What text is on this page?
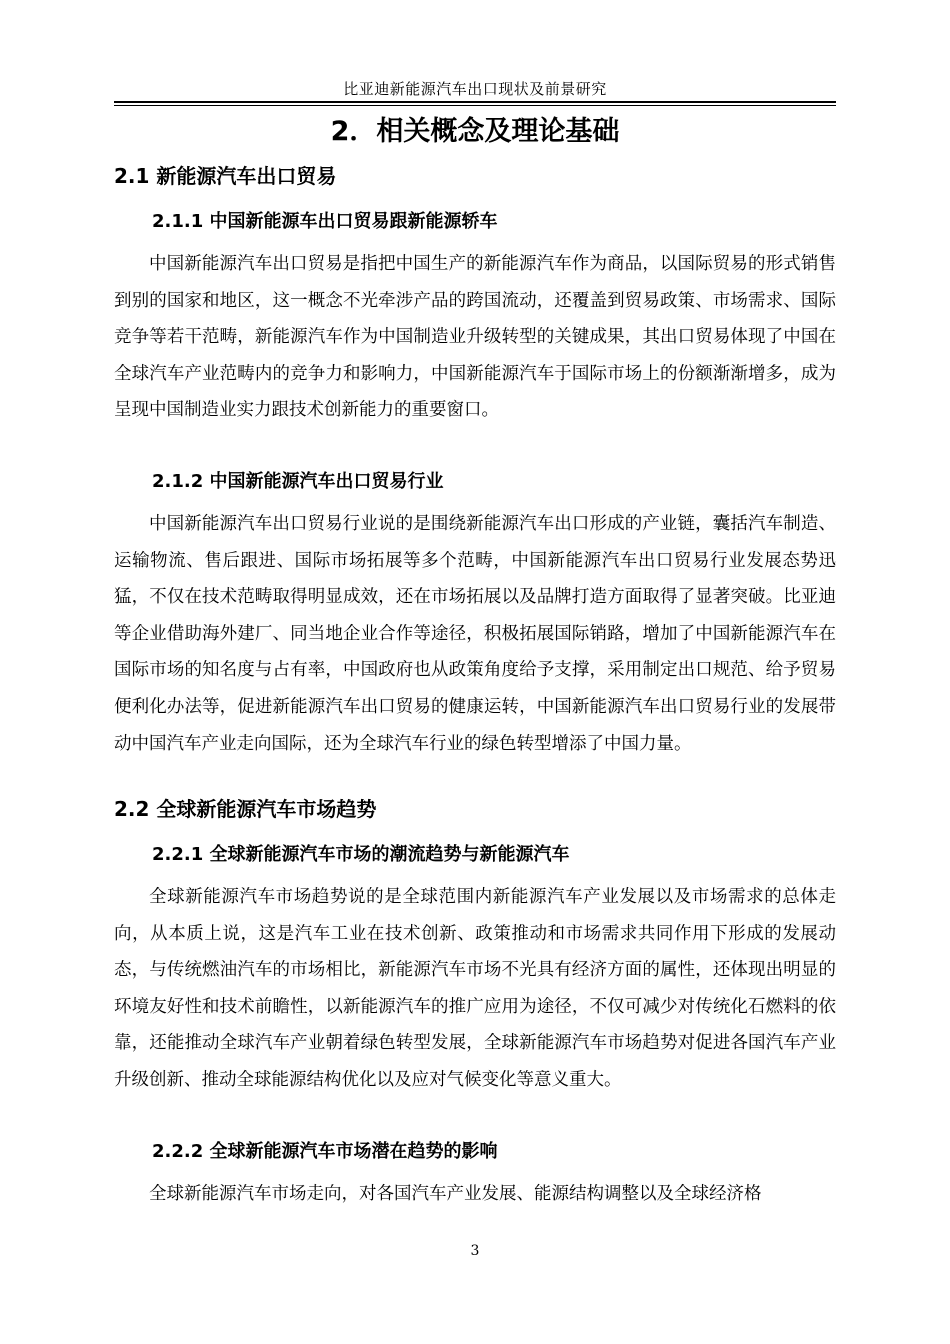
比亚迪新能源汽车出口现状及前景研究
2．相关概念及理论基础
2.1 新能源汽车出口贸易
2.1.1 中国新能源车出口贸易跟新能源轿车

中国新能源汽车出口贸易是指把中国生产的新能源汽车作为商品，以国际贸易的形式销售到别的国家和地区，这一概念不光牵涉产品的跨国流动，还覆盖到贸易政策、市场需求、国际竞争等若干范畴，新能源汽车作为中国制造业升级转型的关键成果，其出口贸易体现了中国在全球汽车产业范畴内的竞争力和影响力，中国新能源汽车于国际市场上的份额渐渐增多，成为呈现中国制造业实力跟技术创新能力的重要窗口。

2.1.2 中国新能源汽车出口贸易行业

中国新能源汽车出口贸易行业说的是围绕新能源汽车出口形成的产业链，囊括汽车制造、运输物流、售后跟进、国际市场拓展等多个范畴，中国新能源汽车出口贸易行业发展态势迅猛，不仅在技术范畴取得明显成效，还在市场拓展以及品牌打造方面取得了显著突破。比亚迪等企业借助海外建厂、同当地企业合作等途径，积极拓展国际销路，增加了中国新能源汽车在国际市场的知名度与占有率，中国政府也从政策角度给予支撑，采用制定出口规范、给予贸易便利化办法等，促进新能源汽车出口贸易的健康运转，中国新能源汽车出口贸易行业的发展带动中国汽车产业走向国际，还为全球汽车行业的绿色转型增添了中国力量。

2.2 全球新能源汽车市场趋势
2.2.1 全球新能源汽车市场的潮流趋势与新能源汽车

全球新能源汽车市场趋势说的是全球范围内新能源汽车产业发展以及市场需求的总体走向，从本质上说，这是汽车工业在技术创新、政策推动和市场需求共同作用下形成的发展动态，与传统燃油汽车的市场相比，新能源汽车市场不光具有经济方面的属性，还体现出明显的环境友好性和技术前瞻性，以新能源汽车的推广应用为途径，不仅可减少对传统化石燃料的依靠，还能推动全球汽车产业朝着绿色转型发展，全球新能源汽车市场趋势对促进各国汽车产业升级创新、推动全球能源结构优化以及应对气候变化等意义重大。

2.2.2 全球新能源汽车市场潜在趋势的影响

全球新能源汽车市场走向，对各国汽车产业发展、能源结构调整以及全球经济格

3
